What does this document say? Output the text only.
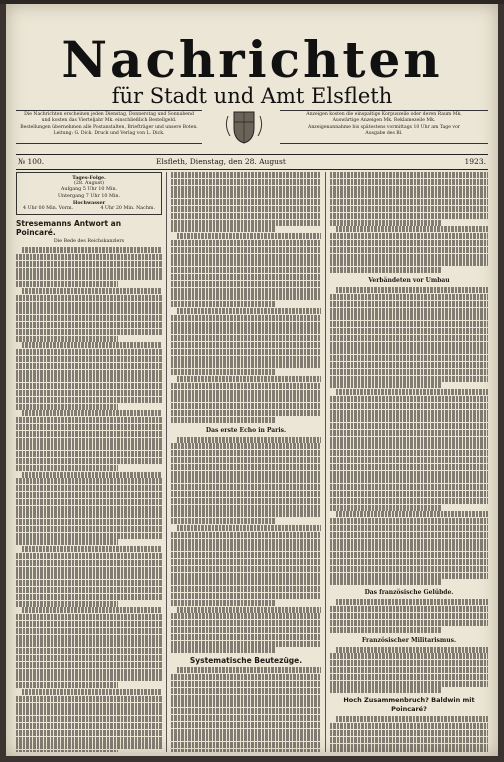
Nachrichten
für Stadt und Amt Elsfleth
Die Nachrichten erscheinen jeden Dienstag, Donnerstag und Sonnabend
und kosten das Vierteljahr Mk. einschließlich Bestellgeld.
Bestellungen übernehmen alle Postanstalten, Briefträger und unsere Boten.
Leitung: G. Dick. Druck und Verlag von L. Dick.
Anzeigen kosten die einspaltige Korpuszeile oder deren Raum Mk.
Auswärtige Anzeigen Mk. Reklamezeile Mk.
Anzeigenannahme bis spätestens vormittags 10 Uhr am Tage vor
Ausgabe des Bl.
№ 100.	Elsfleth, Dienstag, den 28. August	1923.
Tages-Folge.
(28. August)
Aufgang 5 Uhr 10 Min.
Untergang 7 Uhr 10 Min.
Hochwasser
4 Uhr 00 Min. Vorm.	4 Uhr 20 Min. Nachm.
Stresemanns Antwort an Poincaré.
Die Rede des Reichskanzlers
Das erste Echo in Paris.
Systematische Beutezüge.
Verbändeten vor Umbau
Das französische Gelübde.
Französischer Militarismus.
Hoch Zusammenbruch? Baldwin mit Poincaré?
